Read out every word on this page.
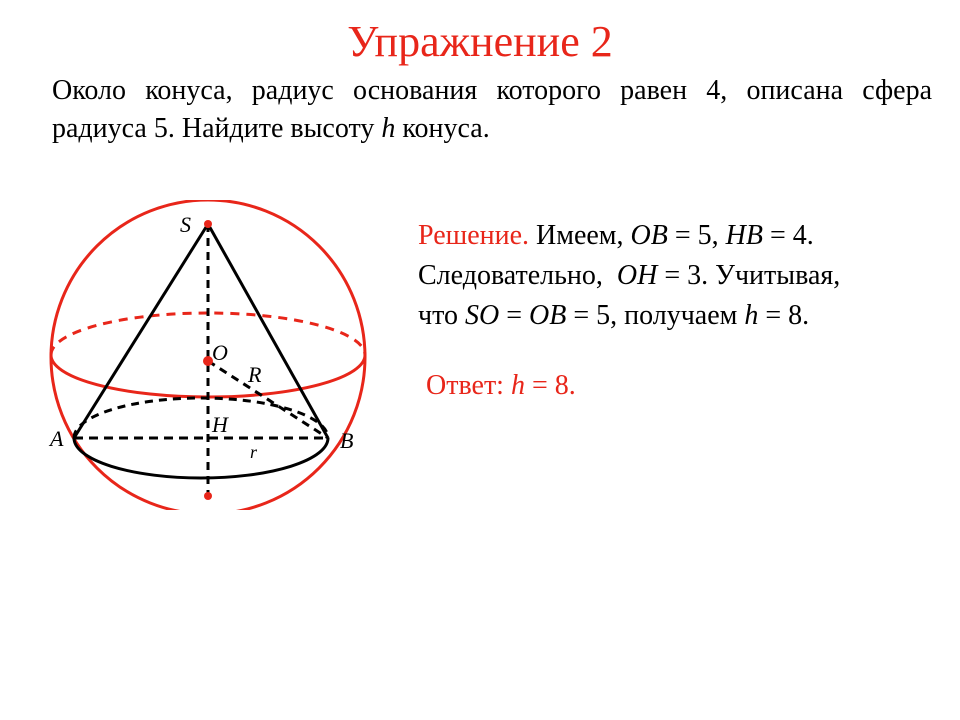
Упражнение 2
Около конуса, радиус основания которого равен 4, описана сфера радиуса 5. Найдите высоту h конуса.
S
O
R
A
H
r	B
Решение. Имеем, OB = 5, HB = 4.
Следовательно,  OH = 3. Учитывая,
что SO = OB = 5, получаем h = 8.
Ответ: h = 8.
